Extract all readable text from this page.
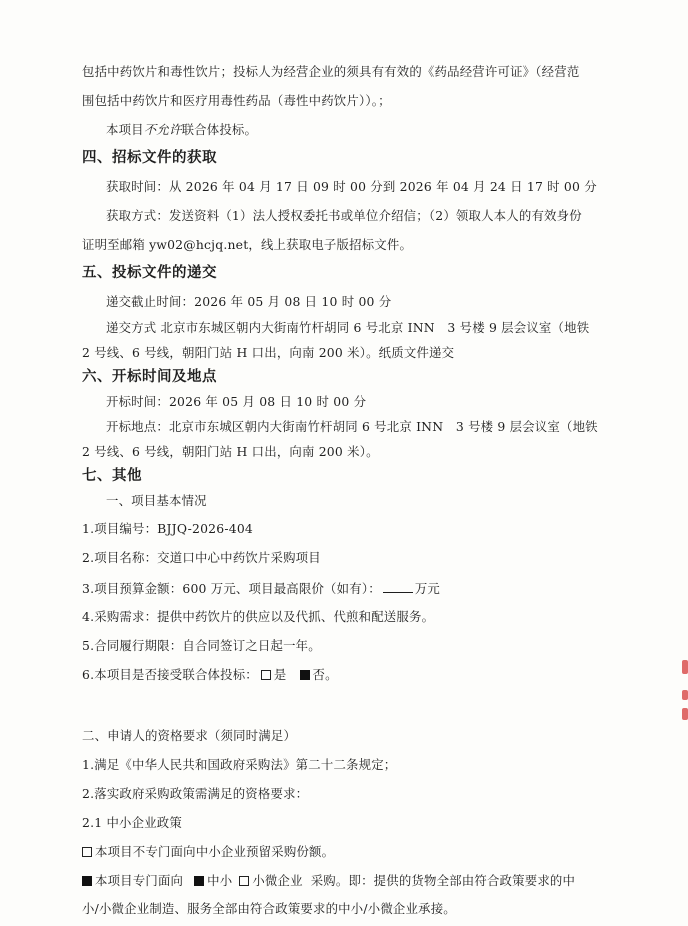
包括中药饮片和毒性饮片；投标人为经营企业的须具有有效的《药品经营许可证》（经营范
围包括中药饮片和医疗用毒性药品（毒性中药饮片））。；
本项目不允许联合体投标。
四、招标文件的获取
获取时间：从 2026 年 04 月 17 日 09 时 00 分到 2026 年 04 月 24 日 17 时 00 分
获取方式：发送资料（1）法人授权委托书或单位介绍信；（2）领取人本人的有效身份
证明至邮箱 yw02@hcjq.net，线上获取电子版招标文件。
五、投标文件的递交
递交截止时间：2026 年 05 月 08 日 10 时 00 分
递交方式 北京市东城区朝内大街南竹杆胡同 6 号北京 INN　3 号楼 9 层会议室（地铁
2 号线、6 号线，朝阳门站 H 口出，向南 200 米）。纸质文件递交
六、开标时间及地点
开标时间：2026 年 05 月 08 日 10 时 00 分
开标地点：北京市东城区朝内大街南竹杆胡同 6 号北京 INN　3 号楼 9 层会议室（地铁
2 号线、6 号线，朝阳门站 H 口出，向南 200 米）。
七、其他
一、项目基本情况
1.项目编号：BJJQ-2026-404
2.项目名称：交道口中心中药饮片采购项目
3.项目预算金额：600 万元、项目最高限价（如有）：	万元
4.采购需求：提供中药饮片的供应以及代抓、代煎和配送服务。
5.合同履行期限：自合同签订之日起一年。
6.本项目是否接受联合体投标： 是 否。
二、申请人的资格要求（须同时满足）
1.满足《中华人民共和国政府采购法》第二十二条规定；
2.落实政府采购政策需满足的资格要求：
2.1 中小企业政策
本项目不专门面向中小企业预留采购份额。
本项目专门面向 中小 小微企业 采购。即：提供的货物全部由符合政策要求的中
小/小微企业制造、服务全部由符合政策要求的中小/小微企业承接。
